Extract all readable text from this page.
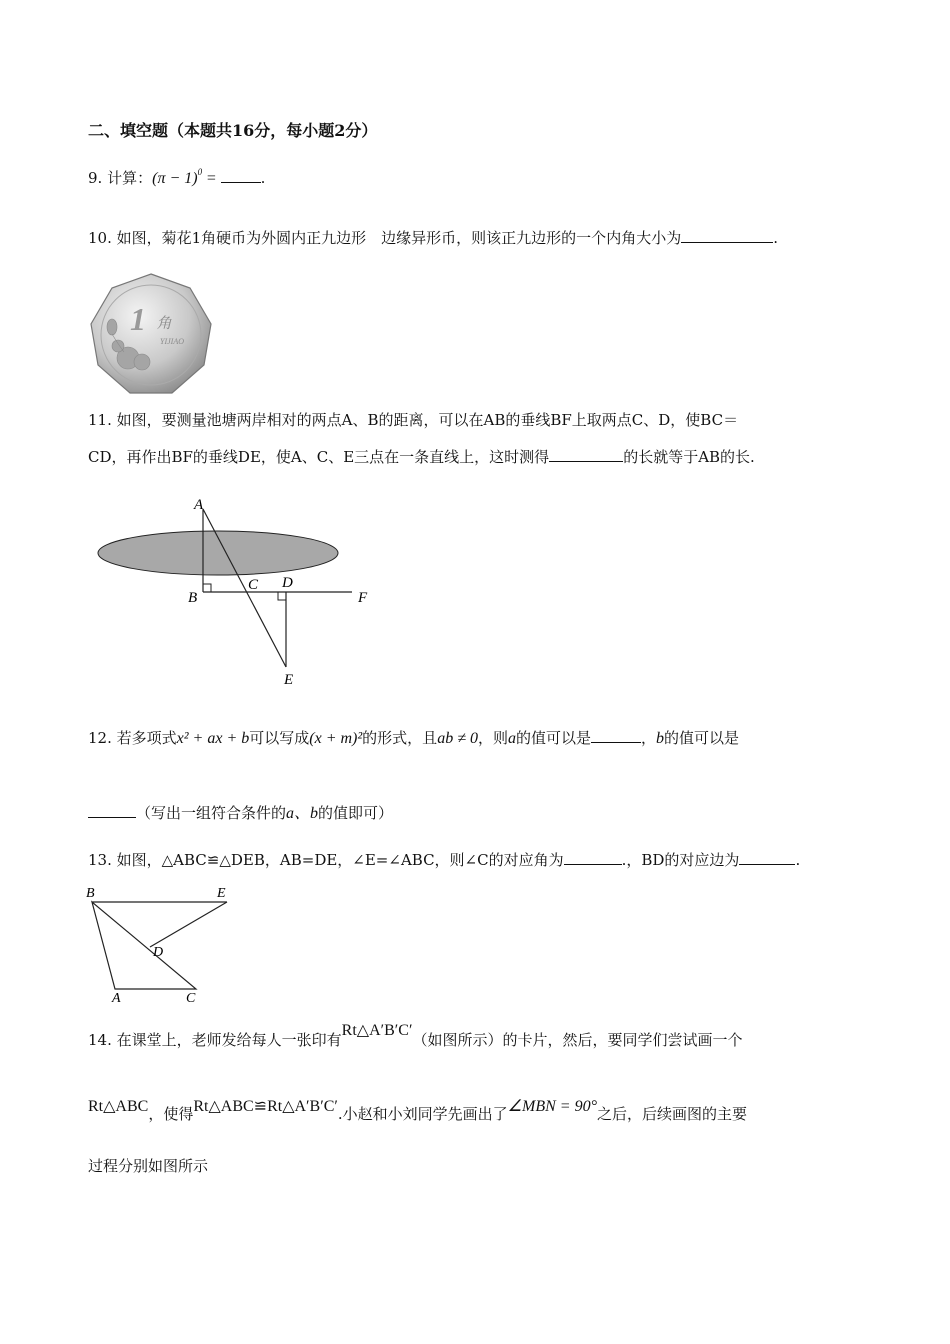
二、填空题（本题共16分，每小题2分）
9. 计算：$(\pi - 1)^0$ =	.
10. 如图，菊花1角硬币为外圆内正九边形　边缘异形币，则该正九边形的一个内角大小为	.
1 角
YIJIAO
11. 如图，要测量池塘两岸相对的两点A、B的距离，可以在AB的垂线BF上取两点C、D，使BC＝
CD，再作出BF的垂线DE，使A、C、E三点在一条直线上，这时测得	的长就等于AB的长.
A
B
C D
E
F
12. 若多项式x² + ax + b可以写成(x + m)²的形式，且ab ≠ 0，则a的值可以是	，b的值可以是
（写出一组符合条件的a、b的值即可）
13. 如图，△ABC≌△DEB，AB=DE，∠E=∠ABC，则∠C的对应角为	.，BD的对应边为	.
B	E
D
A	C
14. 在课堂上，老师发给每人一张印有Rt△A′B′C′（如图所示）的卡片，然后，要同学们尝试画一个
Rt△ABC，使得Rt△ABC≌Rt△A′B′C′.小赵和小刘同学先画出了∠MBN = 90°之后，后续画图的主要
过程分别如图所示
